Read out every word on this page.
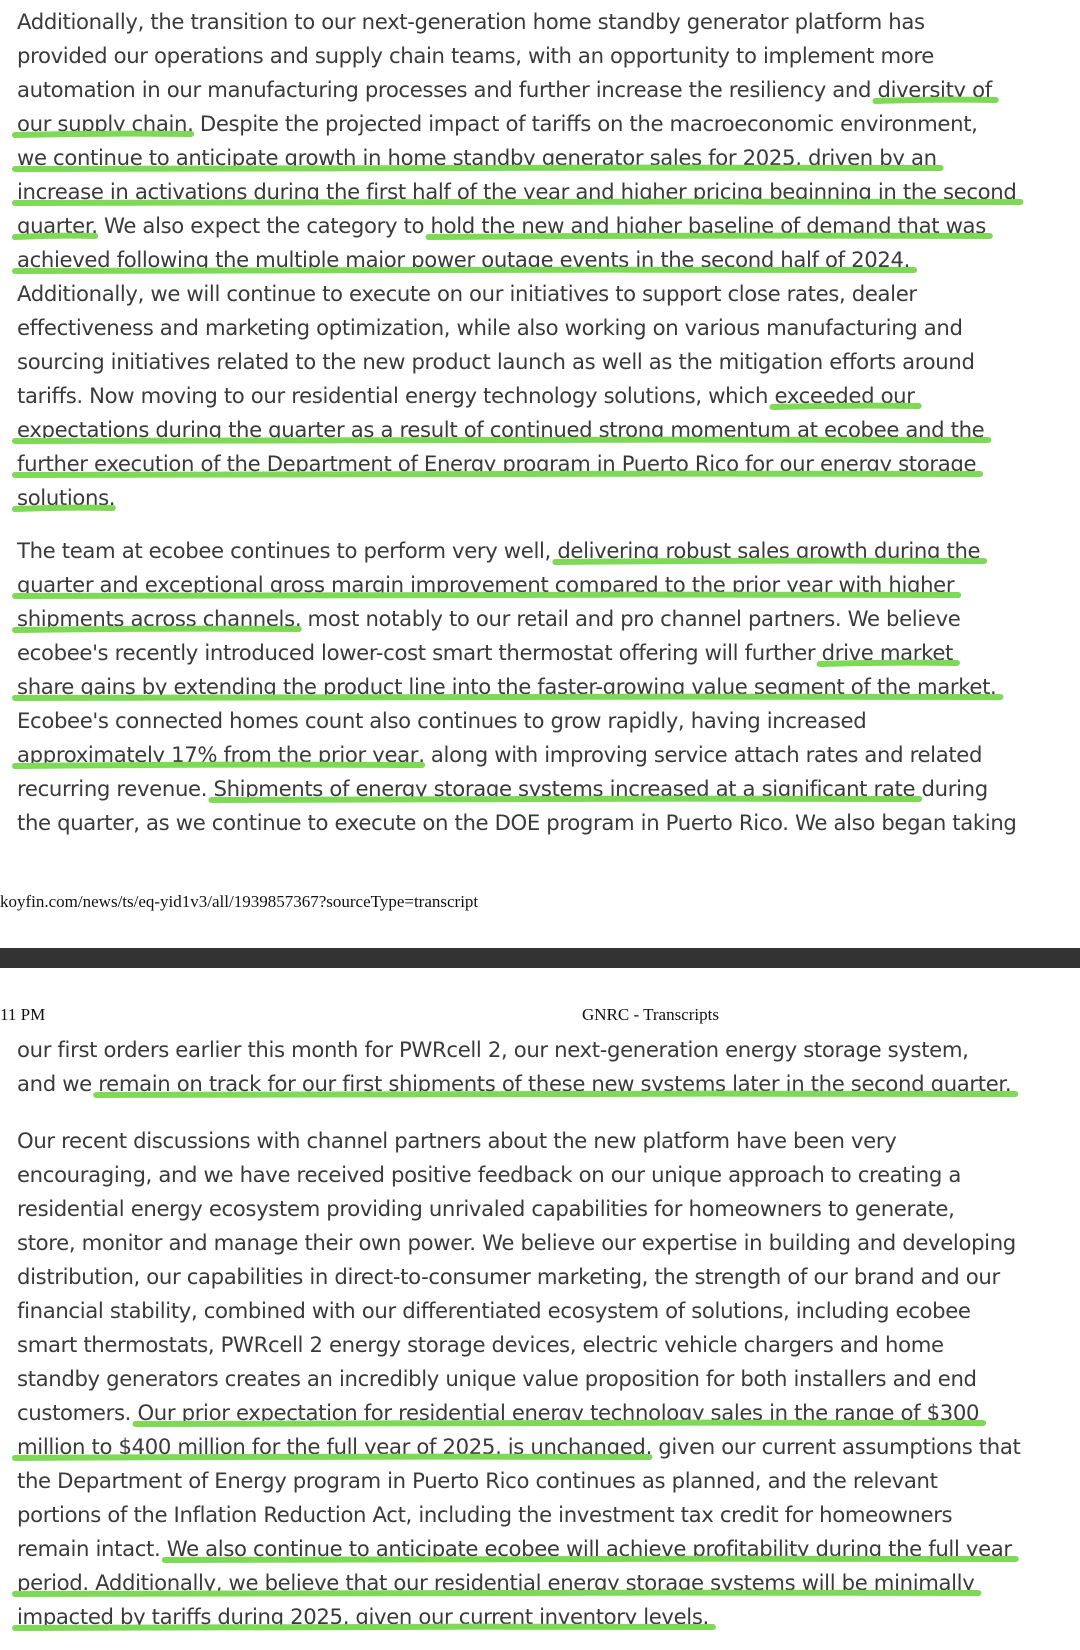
Additionally, the transition to our next-generation home standby generator platform has
provided our operations and supply chain teams, with an opportunity to implement more
automation in our manufacturing processes and further increase the resiliency and diversity of
our supply chain. Despite the projected impact of tariffs on the macroeconomic environment,
we continue to anticipate growth in home standby generator sales for 2025, driven by an
increase in activations during the first half of the year and higher pricing beginning in the second
quarter. We also expect the category to hold the new and higher baseline of demand that was
achieved following the multiple major power outage events in the second half of 2024.
Additionally, we will continue to execute on our initiatives to support close rates, dealer
effectiveness and marketing optimization, while also working on various manufacturing and
sourcing initiatives related to the new product launch as well as the mitigation efforts around
tariffs. Now moving to our residential energy technology solutions, which exceeded our
expectations during the quarter as a result of continued strong momentum at ecobee and the
further execution of the Department of Energy program in Puerto Rico for our energy storage
solutions.
The team at ecobee continues to perform very well, delivering robust sales growth during the
quarter and exceptional gross margin improvement compared to the prior year with higher
shipments across channels, most notably to our retail and pro channel partners. We believe
ecobee's recently introduced lower-cost smart thermostat offering will further drive market
share gains by extending the product line into the faster-growing value segment of the market.
Ecobee's connected homes count also continues to grow rapidly, having increased
approximately 17% from the prior year, along with improving service attach rates and related
recurring revenue. Shipments of energy storage systems increased at a significant rate during
the quarter, as we continue to execute on the DOE program in Puerto Rico. We also began taking
koyfin.com/news/ts/eq-yid1v3/all/1939857367?sourceType=transcript
11 PM	GNRC - Transcripts
our first orders earlier this month for PWRcell 2, our next-generation energy storage system,
and we remain on track for our first shipments of these new systems later in the second quarter.
Our recent discussions with channel partners about the new platform have been very
encouraging, and we have received positive feedback on our unique approach to creating a
residential energy ecosystem providing unrivaled capabilities for homeowners to generate,
store, monitor and manage their own power. We believe our expertise in building and developing
distribution, our capabilities in direct-to-consumer marketing, the strength of our brand and our
financial stability, combined with our differentiated ecosystem of solutions, including ecobee
smart thermostats, PWRcell 2 energy storage devices, electric vehicle chargers and home
standby generators creates an incredibly unique value proposition for both installers and end
customers. Our prior expectation for residential energy technology sales in the range of $300
million to $400 million for the full year of 2025, is unchanged, given our current assumptions that
the Department of Energy program in Puerto Rico continues as planned, and the relevant
portions of the Inflation Reduction Act, including the investment tax credit for homeowners
remain intact. We also continue to anticipate ecobee will achieve profitability during the full year
period. Additionally, we believe that our residential energy storage systems will be minimally
impacted by tariffs during 2025, given our current inventory levels.
